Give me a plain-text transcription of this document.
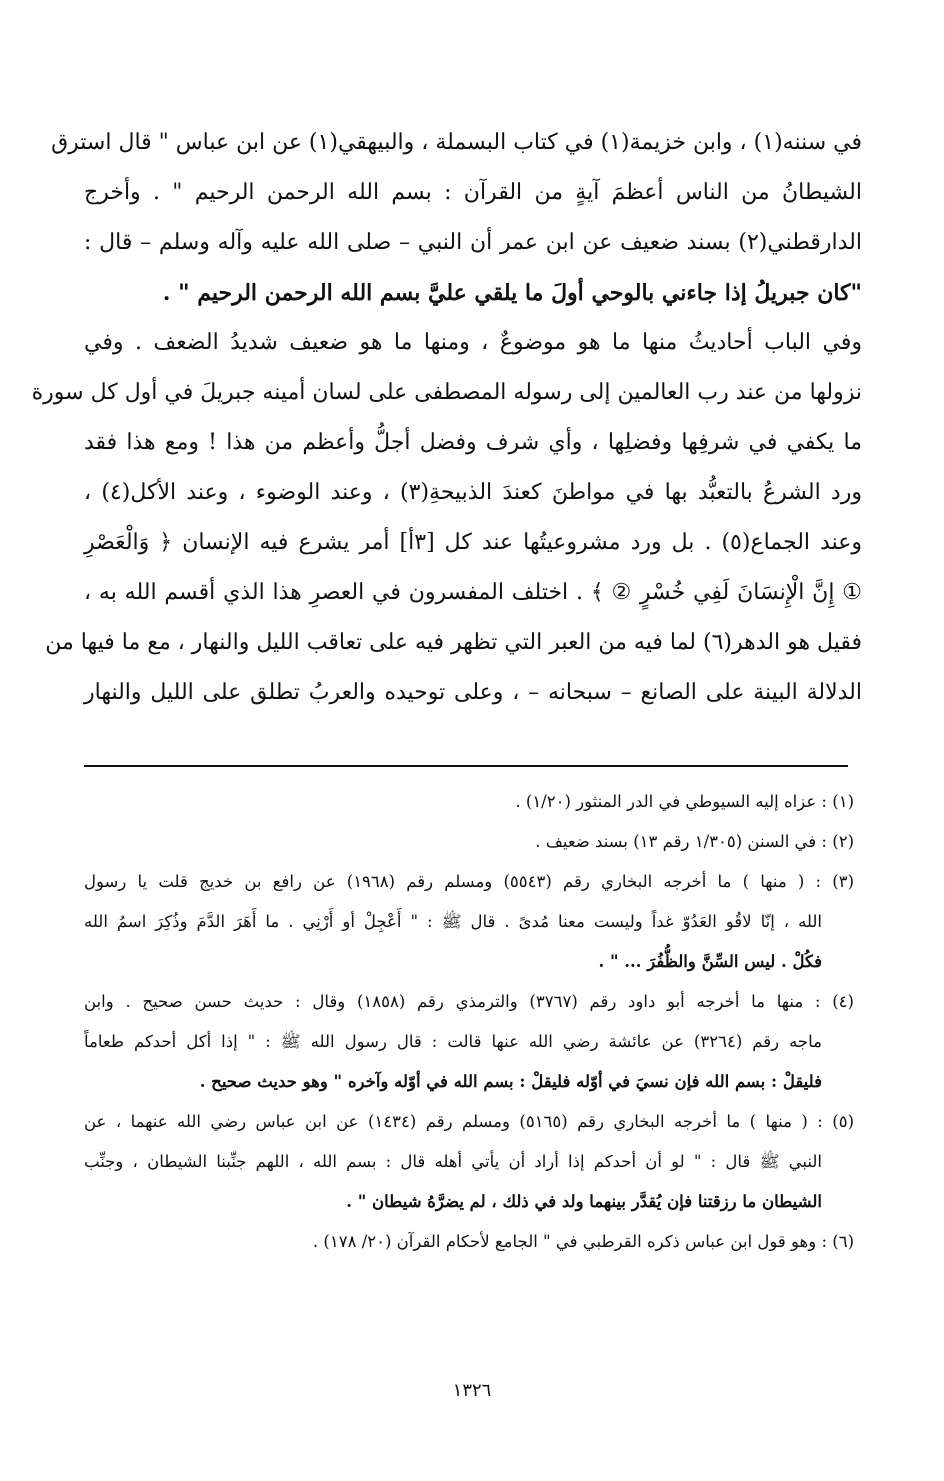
في سننه(١) ، وابن خزيمة(١) في كتاب البسملة ، والبيهقي(١) عن ابن عباس " قال استرق
الشيطانُ من الناس أعظمَ آيةٍ من القرآن : بسم الله الرحمن الرحيم " . وأخرج
الدارقطني(٢) بسند ضعيف عن ابن عمر أن النبي – صلى الله عليه وآله وسلم – قال :
"كان جبريلُ إذا جاءني بالوحي أولَ ما يلقي عليَّ بسم الله الرحمن الرحيم " .
وفي الباب أحاديثُ منها ما هو موضوعٌ ، ومنها ما هو ضعيف شديدُ الضعف . وفي
نزولها من عند رب العالمين إلى رسوله المصطفى على لسان أمينه جبريلَ في أول كل سورة
ما يكفي في شرفِها وفضلِها ، وأي شرف وفضل أجلُّ وأعظم من هذا ! ومع هذا فقد
ورد الشرعُ بالتعبُّد بها في مواطنَ كعندَ الذبيحةِ(٣) ، وعند الوضوء ، وعند الأكل(٤) ،
وعند الجماع(٥) . بل ورد مشروعيتُها عند كل [٣أ] أمر يشرع فيه الإنسان ﴿ وَالْعَصْرِ
① إِنَّ الْإِنسَانَ لَفِي خُسْرٍ ② ﴾ . اختلف المفسرون في العصرِ هذا الذي أقسم الله به ،
فقيل هو الدهر(٦) لما فيه من العبر التي تظهر فيه على تعاقب الليل والنهار ، مع ما فيها من
الدلالة البينة على الصانع – سبحانه – ، وعلى توحيده والعربُ تطلق على الليل والنهار
(١) : عزاه إليه السيوطي في الدر المنثور (١/٢٠) .
(٢) : في السنن (١/٣٠٥ رقم ١٣) بسند ضعيف .
(٣) : ( منها ) ما أخرجه البخاري رقم (٥٥٤٣) ومسلم رقم (١٩٦٨) عن رافع بن خديج قلت يا رسول
الله ، إنّا لاقُو العَدُوّ غداً وليست معنا مُدىً . قال ﷺ : " أَعْجِلْ أو أَرْنِي . ما أَهَرَ الدَّمَ وذُكِرَ اسمُ الله
فكُلْ . ليس السِّنَّ والظُّفُرَ ... " .
(٤) : منها ما أخرجه أبو داود رقم (٣٧٦٧) والترمذي رقم (١٨٥٨) وقال : حديث حسن صحيح . وابن
ماجه رقم (٣٢٦٤) عن عائشة رضي الله عنها قالت : قال رسول الله ﷺ : " إذا أكل أحدكم طعاماً
فليقلْ : بسم الله فإن نسيَ في أوّله فليقلْ : بسم الله في أوّله وآخره " وهو حديث صحيح .
(٥) : ( منها ) ما أخرجه البخاري رقم (٥١٦٥) ومسلم رقم (١٤٣٤) عن ابن عباس رضي الله عنهما ، عن
النبي ﷺ قال : " لو أن أحدكم إذا أراد أن يأتي أهله قال : بسم الله ، اللهم جنِّبنا الشيطان ، وجنِّب
الشيطان ما رزقتنا فإن يُقدَّر بينهما ولد في ذلك ، لم يضرَّهُ شيطان " .
(٦) : وهو قول ابن عباس ذكره القرطبي في " الجامع لأحكام القرآن (٢٠/ ١٧٨) .
١٣٢٦
